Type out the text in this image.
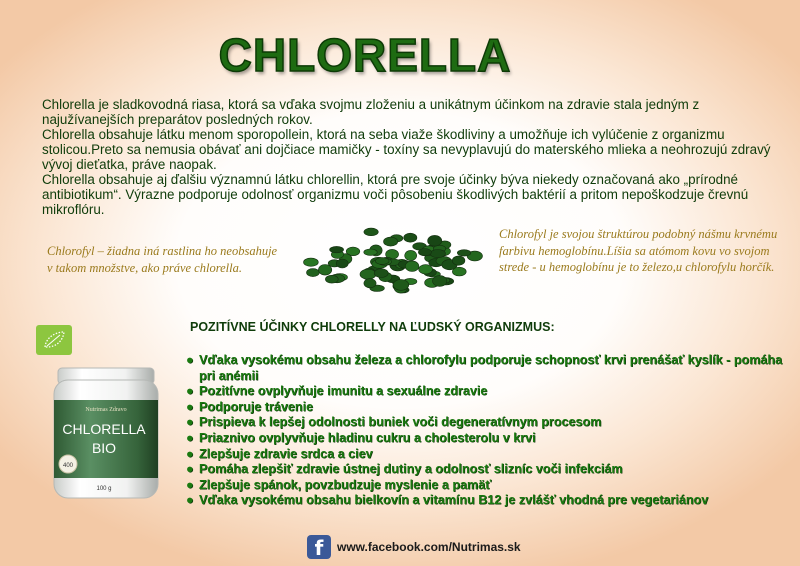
CHLORELLA

Chlorella je sladkovodná riasa, ktorá sa vďaka svojmu zloženiu a unikátnym účinkom na zdravie stala jedným z najužívanejších preparátov posledných rokov.

Chlorella obsahuje látku menom sporopollein, ktorá na seba viaže škodliviny a umožňuje ich vylúčenie z organizmu stolicou.Preto sa nemusia obávať ani dojčiace mamičky - toxíny sa nevyplavujú do materského mlieka a neohrozujú zdravý vývoj dieťatka, práve naopak.

Chlorella obsahuje aj ďalšiu významnú látku chlorellin, ktorá pre svoje účinky býva niekedy označovaná ako „prírodné antibiotikum“. Výrazne podporuje odolnosť organizmu voči pôsobeniu škodlivých baktérií a pritom nepoškodzuje črevnú mikroflóru.

Chlorofyl – žiadna iná rastlina ho neobsahuje v takom množstve, ako práve chlorella.
Chlorofyl je svojou štruktúrou podobný nášmu krvnému farbivu hemoglobínu.Líšia sa atómom kovu vo svojom strede - u hemoglobínu je to železo,u chlorofylu horčík.
POZITÍVNE ÚČINKY CHLORELLY NA ĽUDSKÝ ORGANIZMUS:
● Vďaka vysokému obsahu železa a chlorofylu podporuje schopnosť krvi prenášať kyslík - pomáha pri anémii
● Pozitívne ovplyvňuje imunitu a sexuálne zdravie
● Podporuje trávenie
● Prispieva k lepšej odolnosti buniek voči degeneratívnym procesom
● Priaznivo ovplyvňuje hladinu cukru a cholesterolu v krvi
● Zlepšuje zdravie srdca a ciev
● Pomáha zlepšiť zdravie ústnej dutiny a odolnosť slizníc voči infekciám
● Zlepšuje spánok, povzbudzuje myslenie a pamäť
● Vďaka vysokému obsahu bielkovín a vitamínu B12 je zvlášť vhodná pre vegetariánov
Nutrimas Zdravo
CHLORELLA
BIO
400
100 g
f	www.facebook.com/Nutrimas.sk
